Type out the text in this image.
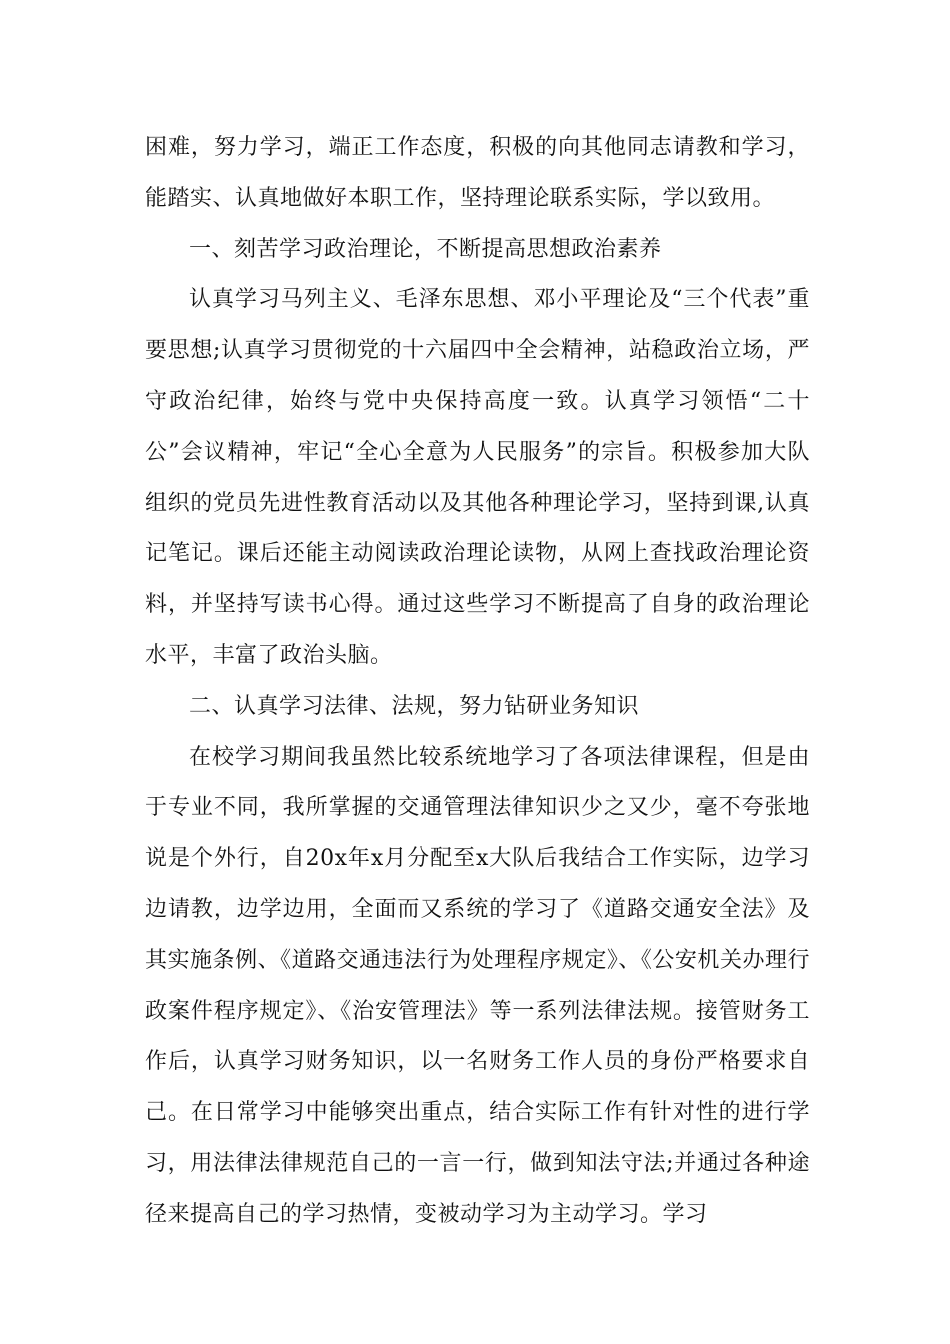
困难，努力学习，端正工作态度，积极的向其他同志请教和学习，能踏实、认真地做好本职工作，坚持理论联系实际，学以致用。

一、刻苦学习政治理论，不断提高思想政治素养

认真学习马列主义、毛泽东思想、邓小平理论及“三个代表”重要思想;认真学习贯彻党的十六届四中全会精神，站稳政治立场，严守政治纪律，始终与党中央保持高度一致。认真学习领悟“二十公”会议精神，牢记“全心全意为人民服务”的宗旨。积极参加大队组织的党员先进性教育活动以及其他各种理论学习，坚持到课,认真记笔记。课后还能主动阅读政治理论读物，从网上查找政治理论资料，并坚持写读书心得。通过这些学习不断提高了自身的政治理论水平，丰富了政治头脑。

二、认真学习法律、法规，努力钻研业务知识

在校学习期间我虽然比较系统地学习了各项法律课程，但是由于专业不同，我所掌握的交通管理法律知识少之又少，毫不夸张地说是个外行，自20x年x月分配至x大队后我结合工作实际，边学习边请教，边学边用，全面而又系统的学习了《道路交通安全法》及其实施条例、《道路交通违法行为处理程序规定》、《公安机关办理行政案件程序规定》、《治安管理法》等一系列法律法规。接管财务工作后，认真学习财务知识，以一名财务工作人员的身份严格要求自己。在日常学习中能够突出重点，结合实际工作有针对性的进行学习，用法律法律规范自己的一言一行，做到知法守法;并通过各种途径来提高自己的学习热情，变被动学习为主动学习。学习
